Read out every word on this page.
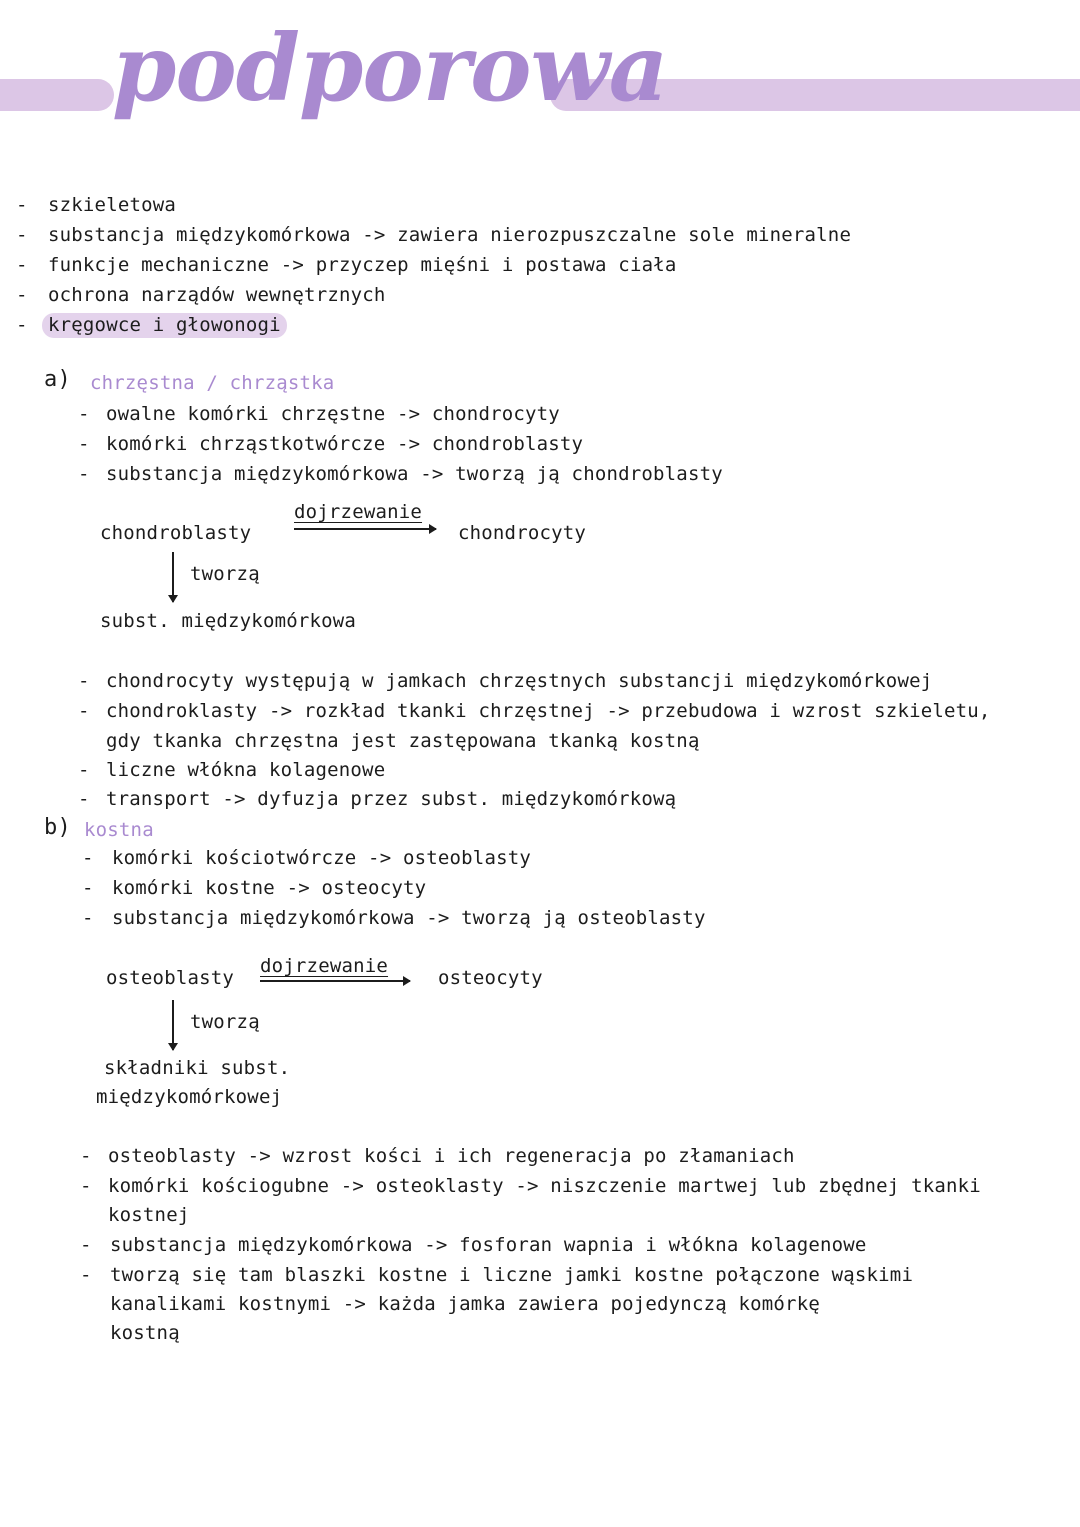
podporowa
- szkieletowa
- substancja międzykomórkowa -> zawiera nierozpuszczalne sole mineralne
- funkcje mechaniczne -> przyczep mięśni i postawa ciała
- ochrona narządów wewnętrznych
-	kręgowce i głowonogi
a) chrzęstna / chrząstka
- owalne komórki chrzęstne -> chondrocyty
- komórki chrząstkotwórcze -> chondroblasty
- substancja międzykomórkowa -> tworzą ją chondroblasty
chondroblasty
dojrzewanie
chondrocyty
tworzą
subst. międzykomórkowa
- chondrocyty występują w jamkach chrzęstnych substancji międzykomórkowej
- chondroklasty -> rozkład tkanki chrzęstnej -> przebudowa i wzrost szkieletu,
gdy tkanka chrzęstna jest zastępowana tkanką kostną
- liczne włókna kolagenowe
- transport -> dyfuzja przez subst. międzykomórkową
b) kostna
- komórki kościotwórcze -> osteoblasty
- komórki kostne -> osteocyty
- substancja międzykomórkowa -> tworzą ją osteoblasty
osteoblasty
dojrzewanie
osteocyty
tworzą
składniki subst.
międzykomórkowej
- osteoblasty -> wzrost kości i ich regeneracja po złamaniach
- komórki kościogubne -> osteoklasty -> niszczenie martwej lub zbędnej tkanki
kostnej
- substancja międzykomórkowa -> fosforan wapnia i włókna kolagenowe
- tworzą się tam blaszki kostne i liczne jamki kostne połączone wąskimi
kanalikami kostnymi -> każda jamka zawiera pojedynczą komórkę
kostną
